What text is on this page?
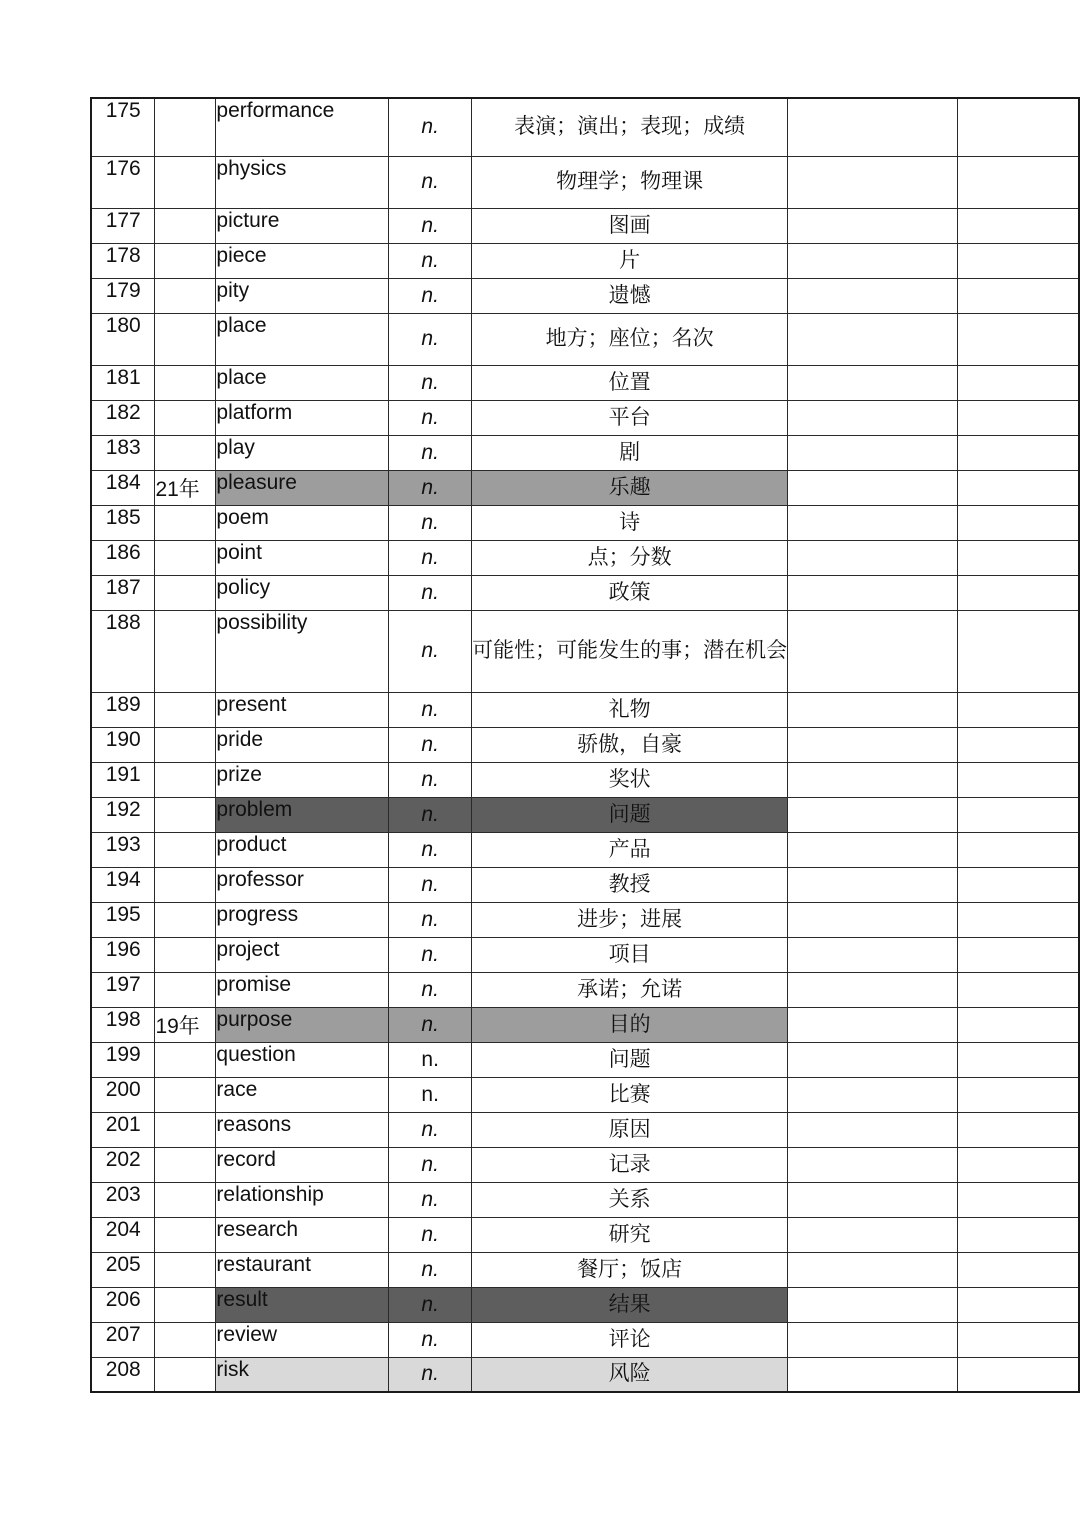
175		performance	n.	表演；演出；表现；成绩		
176		physics	n.	物理学；物理课		
177		picture	n.	图画		
178		piece	n.	片		
179		pity	n.	遗憾		
180		place	n.	地方；座位；名次		
181		place	n.	位置		
182		platform	n.	平台		
183		play	n.	剧		
184	21年	pleasure	n.	乐趣		
185		poem	n.	诗		
186		point	n.	点；分数		
187		policy	n.	政策		
188		possibility	n.	可能性；可能发生的事；潜在机会		
189		present	n.	礼物		
190		pride	n.	骄傲，自豪		
191		prize	n.	奖状		
192		problem	n.	问题		
193		product	n.	产品		
194		professor	n.	教授		
195		progress	n.	进步；进展		
196		project	n.	项目		
197		promise	n.	承诺；允诺		
198	19年	purpose	n.	目的		
199		question	n.	问题		
200		race	n.	比赛		
201		reasons	n.	原因		
202		record	n.	记录		
203		relationship	n.	关系		
204		research	n.	研究		
205		restaurant	n.	餐厅；饭店		
206		result	n.	结果		
207		review	n.	评论		
208		risk	n.	风险		
